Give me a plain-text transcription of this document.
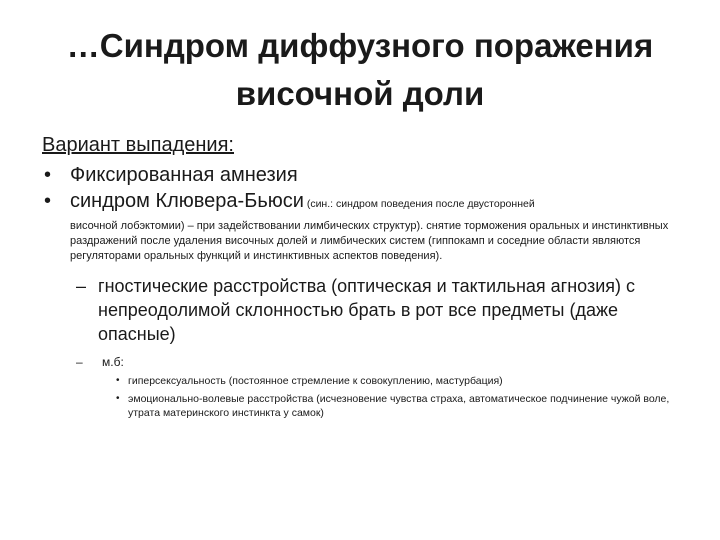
…Синдром диффузного поражения
височной доли
Вариант выпадения:
• Фиксированная амнезия
• синдром Клювера-Бьюси (син.: синдром поведения после двусторонней
височной лобэктомии) – при задействовании лимбических структур). снятие торможения оральных и инстинктивных раздражений после удаления височных долей и лимбических систем (гиппокамп и соседние области являются регуляторами оральных функций и инстинктивных аспектов поведения).
– гностические расстройства (оптическая и тактильная агнозия) с непреодолимой склонностью брать в рот все предметы (даже опасные)
– м.б:
• гиперсексуальность (постоянное стремление к совокуплению, мастурбация)
• эмоционально-волевые расстройства (исчезновение чувства страха, автоматическое подчинение чужой воле, утрата материнского инстинкта у самок)
